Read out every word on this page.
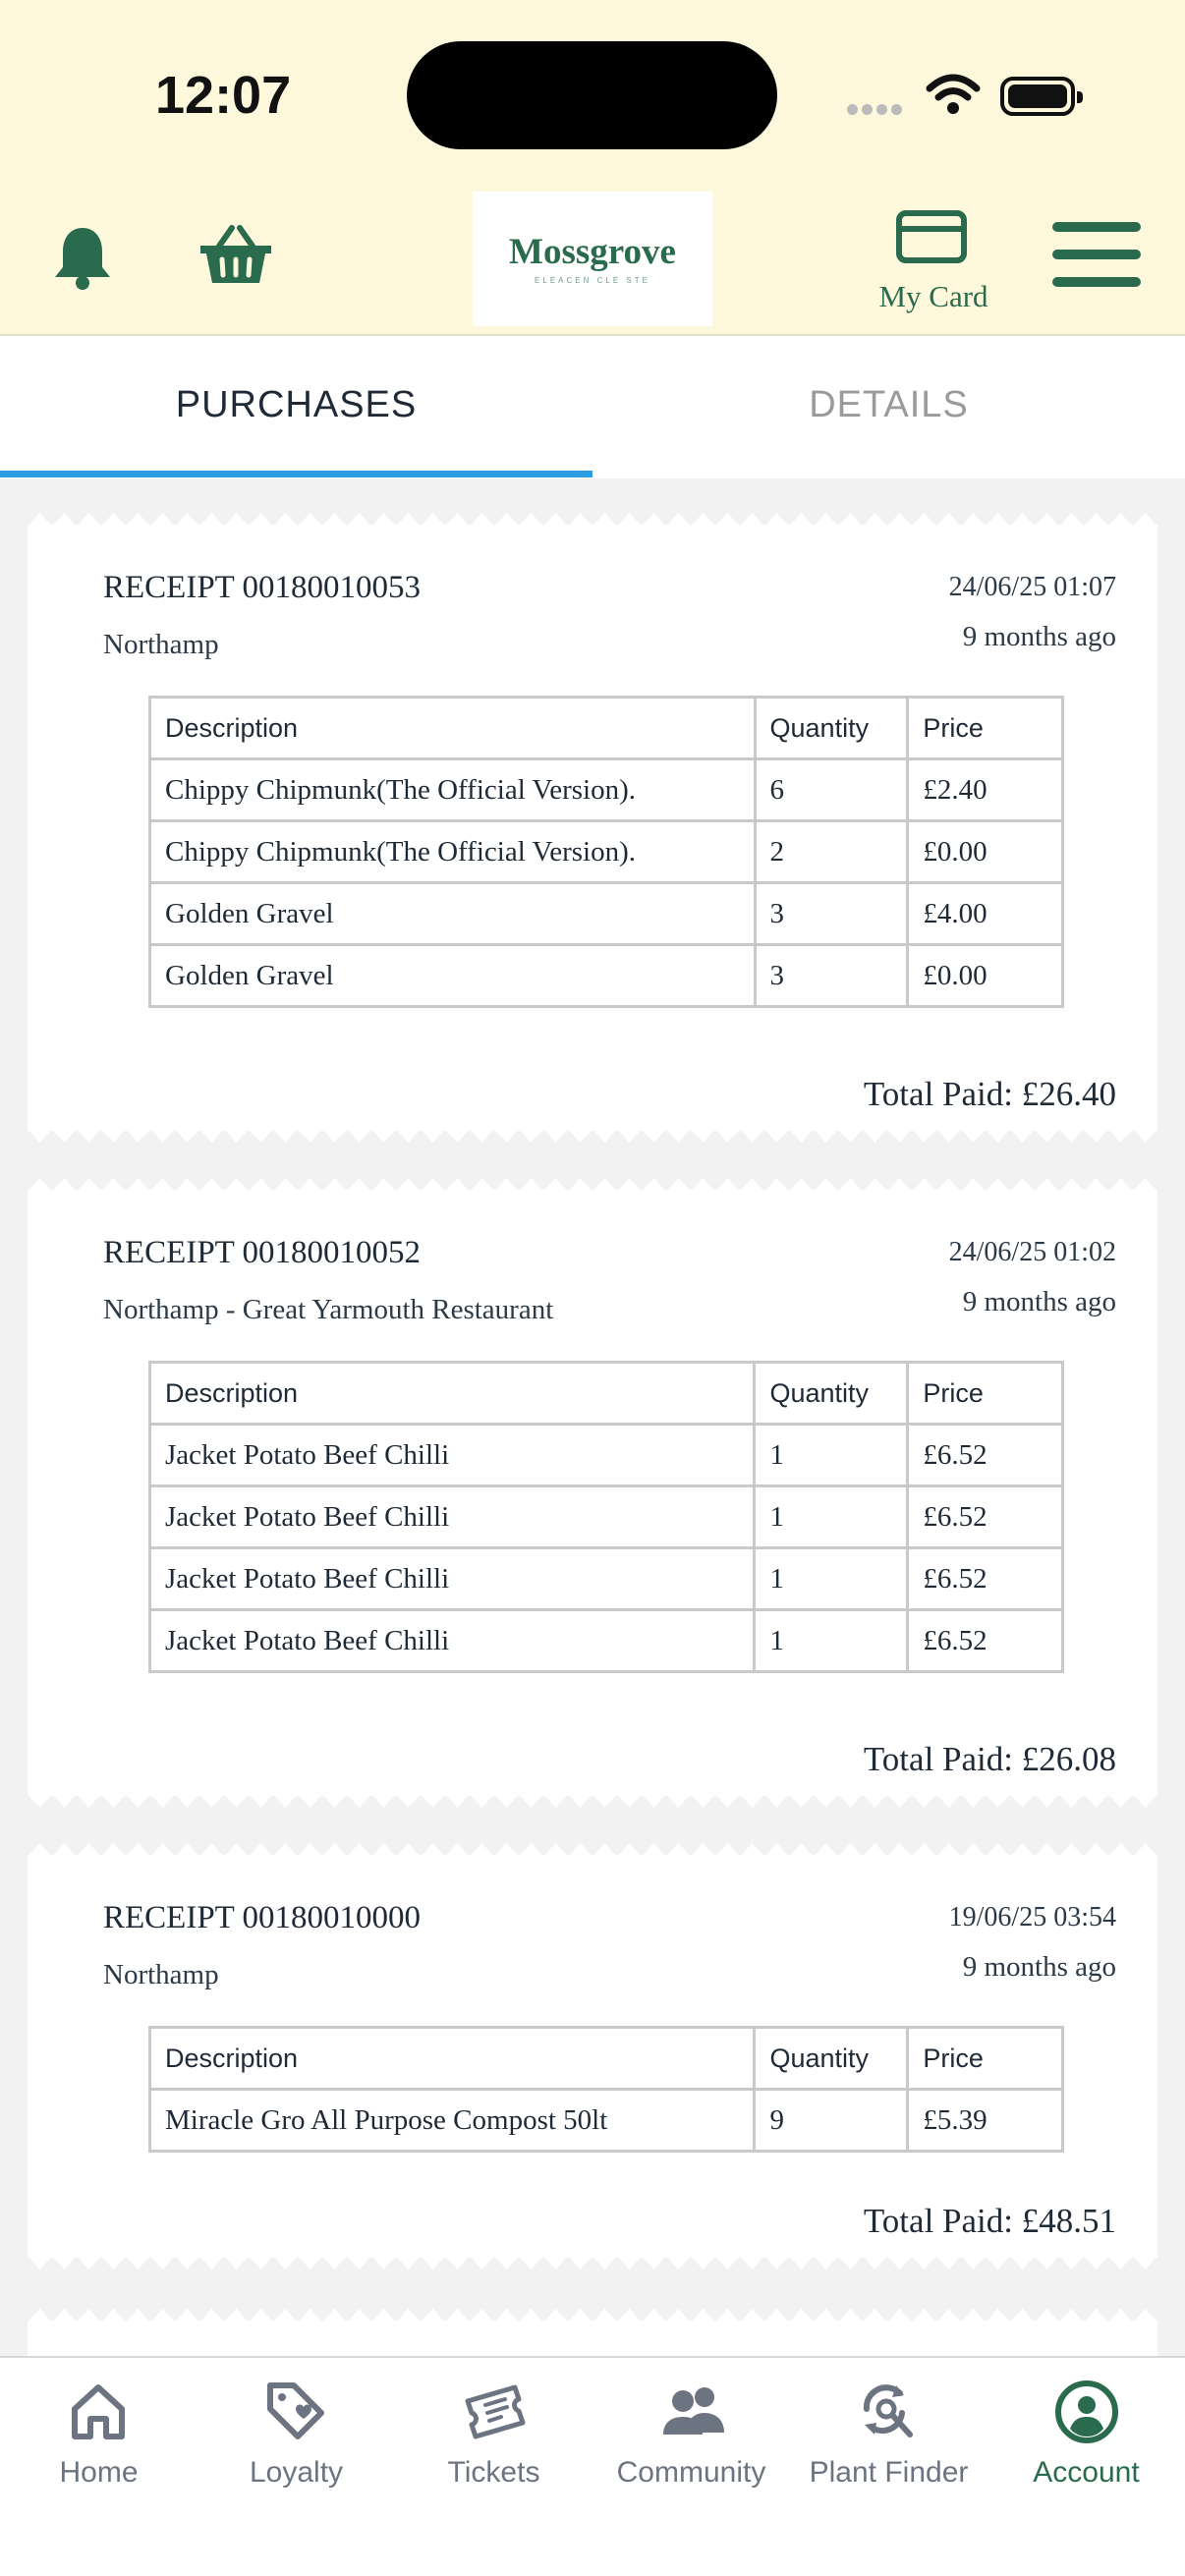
12:07
Mossgrove
ELEACEN CLE STE	My Card
PURCHASES	DETAILS
RECEIPT 00180010053
Northamp
24/06/25 01:07
9 months ago
Description	Quantity	Price
Chippy Chipmunk(The Official Version).	6	£2.40
Chippy Chipmunk(The Official Version).	2	£0.00
Golden Gravel	3	£4.00
Golden Gravel	3	£0.00
Total Paid: £26.40
RECEIPT 00180010052
Northamp - Great Yarmouth Restaurant
24/06/25 01:02
9 months ago
Description	Quantity	Price
Jacket Potato Beef Chilli	1	£6.52
Jacket Potato Beef Chilli	1	£6.52
Jacket Potato Beef Chilli	1	£6.52
Jacket Potato Beef Chilli	1	£6.52
Total Paid: £26.08
RECEIPT 00180010000
Northamp
19/06/25 03:54
9 months ago
Description	Quantity	Price
Miracle Gro All Purpose Compost 50lt	9	£5.39
Total Paid: £48.51
Home	Loyalty	Tickets	Community	Plant Finder	Account
